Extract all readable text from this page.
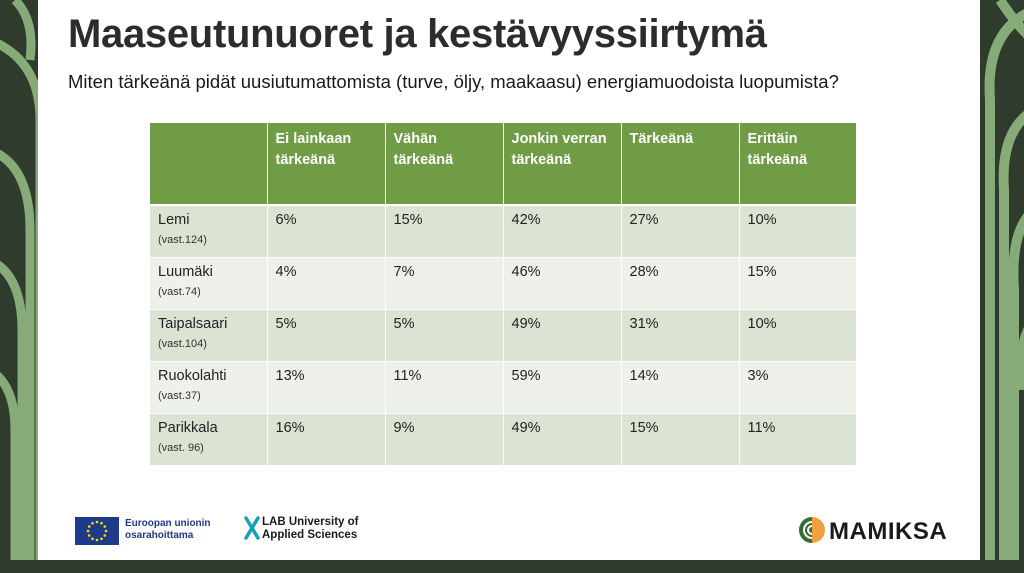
Maaseutunuoret ja kestävyyssiirtymä

Miten tärkeänä pidät uusiutumattomista (turve, öljy, maakaasu) energiamuodoista luopumista?

	Ei lainkaan tärkeänä	Vähän tärkeänä	Jonkin verran tärkeänä	Tärkeänä	Erittäin tärkeänä

Lemi
(vast.124)	6%	15%	42%	27%	10%

Luumäki
(vast.74)	4%	7%	46%	28%	15%

Taipalsaari
(vast.104)	5%	5%	49%	31%	10%

Ruokolahti
(vast.37)	13%	11%	59%	14%	3%

Parikkala
(vast. 96)	16%	9%	49%	15%	11%
Euroopan unionin
osarahoittama
LAB University of
Applied Sciences	MAMIKSA
